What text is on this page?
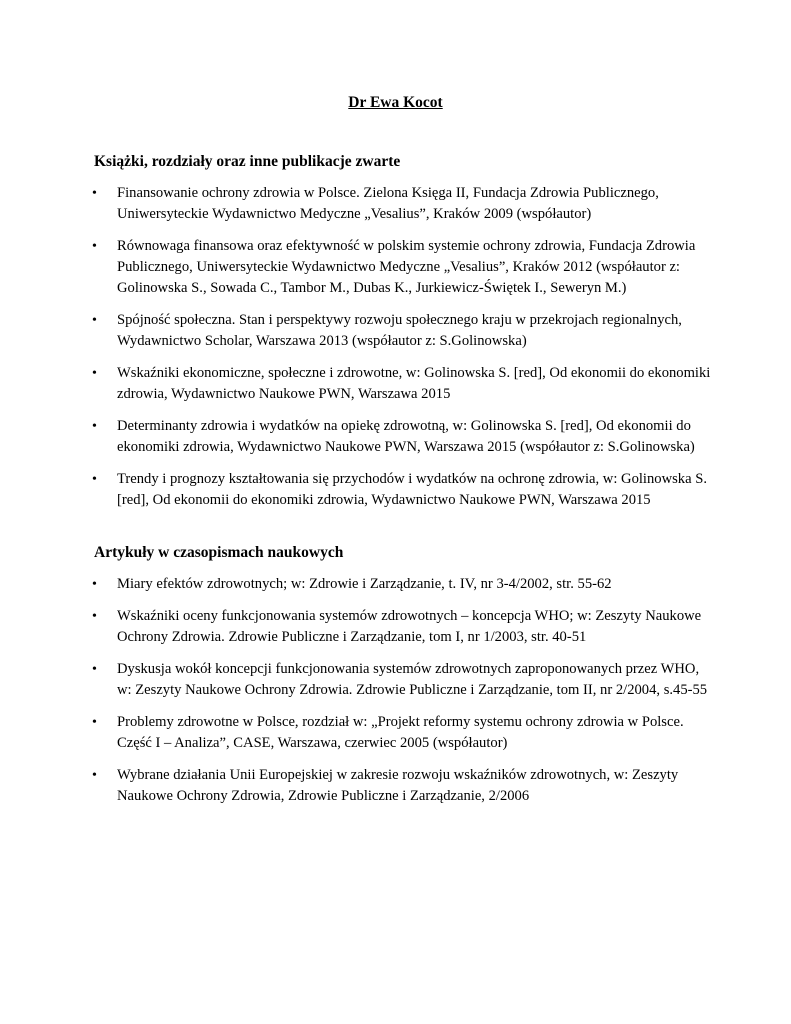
Dr Ewa Kocot
Książki, rozdziały oraz inne publikacje zwarte
• Finansowanie ochrony zdrowia w Polsce. Zielona Księga II, Fundacja Zdrowia Publicznego,
Uniwersyteckie Wydawnictwo Medyczne „Vesalius”, Kraków 2009 (współautor)
• Równowaga finansowa oraz efektywność w polskim systemie ochrony zdrowia, Fundacja Zdrowia
Publicznego, Uniwersyteckie Wydawnictwo Medyczne „Vesalius”, Kraków 2012 (współautor z:
Golinowska S., Sowada C., Tambor M., Dubas K., Jurkiewicz-Świętek I., Seweryn M.)
• Spójność społeczna. Stan i perspektywy rozwoju społecznego kraju w przekrojach regionalnych,
Wydawnictwo Scholar, Warszawa 2013 (współautor z: S.Golinowska)
• Wskaźniki ekonomiczne, społeczne i zdrowotne, w: Golinowska S. [red], Od ekonomii do ekonomiki
zdrowia, Wydawnictwo Naukowe PWN, Warszawa 2015
• Determinanty zdrowia i wydatków na opiekę zdrowotną, w: Golinowska S. [red], Od ekonomii do
ekonomiki zdrowia, Wydawnictwo Naukowe PWN, Warszawa 2015 (współautor z: S.Golinowska)
• Trendy i prognozy kształtowania się przychodów i wydatków na ochronę zdrowia, w: Golinowska S.
[red], Od ekonomii do ekonomiki zdrowia, Wydawnictwo Naukowe PWN, Warszawa 2015
Artykuły w czasopismach naukowych
• Miary efektów zdrowotnych; w: Zdrowie i Zarządzanie, t. IV, nr 3-4/2002, str. 55-62
• Wskaźniki oceny funkcjonowania systemów zdrowotnych – koncepcja WHO; w: Zeszyty Naukowe
Ochrony Zdrowia. Zdrowie Publiczne i Zarządzanie, tom I, nr 1/2003, str. 40-51
• Dyskusja wokół koncepcji funkcjonowania systemów zdrowotnych zaproponowanych przez WHO,
w: Zeszyty Naukowe Ochrony Zdrowia. Zdrowie Publiczne i Zarządzanie, tom II, nr 2/2004, s.45-55
• Problemy zdrowotne w Polsce, rozdział w: „Projekt reformy systemu ochrony zdrowia w Polsce.
Część I – Analiza”, CASE, Warszawa, czerwiec 2005 (współautor)
• Wybrane działania Unii Europejskiej w zakresie rozwoju wskaźników zdrowotnych, w: Zeszyty
Naukowe Ochrony Zdrowia, Zdrowie Publiczne i Zarządzanie, 2/2006
